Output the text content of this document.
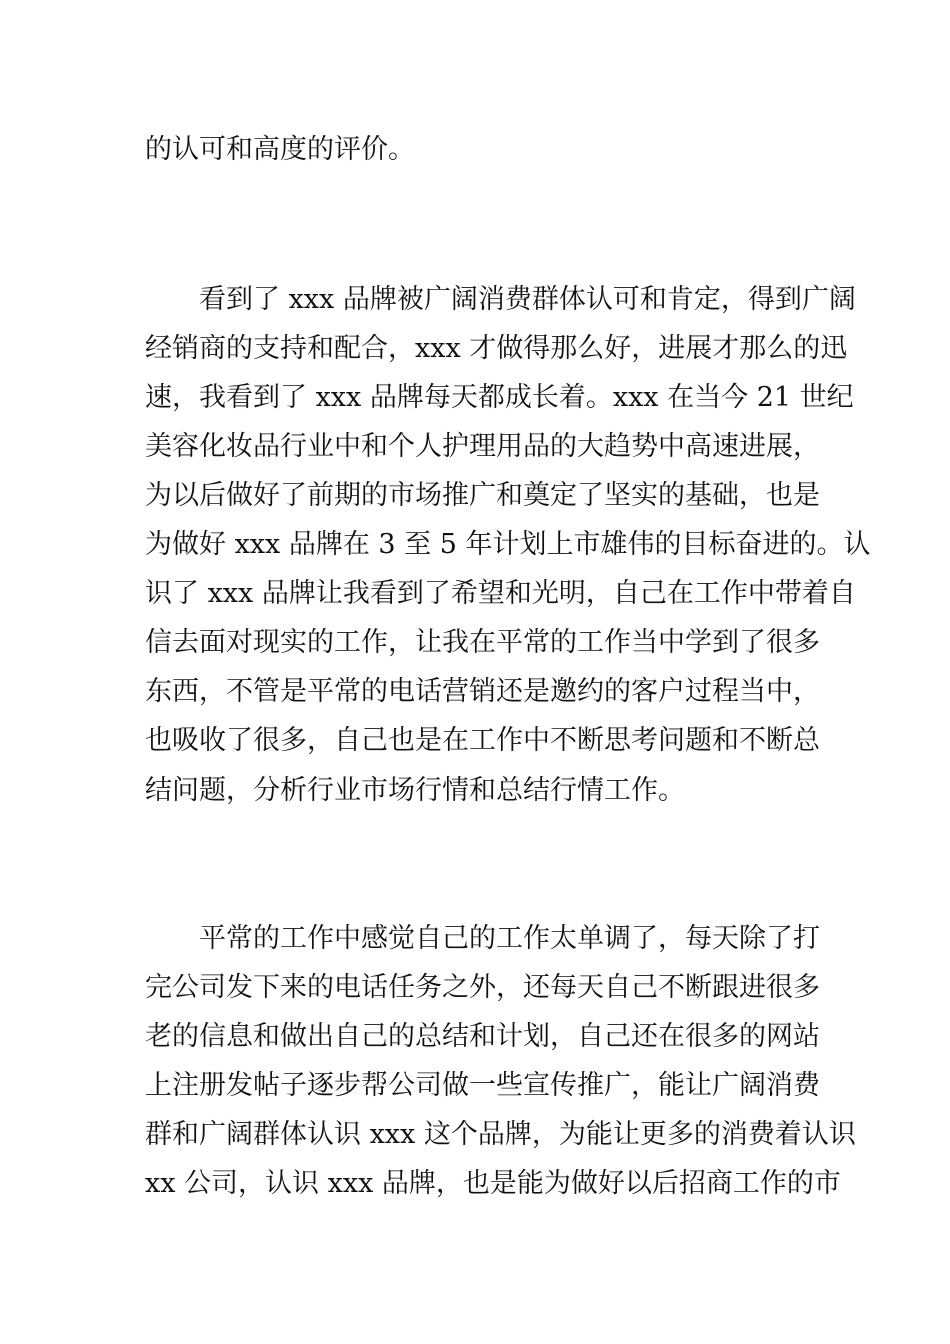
的认可和高度的评价。

看到了 xxx 品牌被广阔消费群体认可和肯定，得到广阔

经销商的支持和配合，xxx 才做得那么好，进展才那么的迅

速，我看到了 xxx 品牌每天都成长着。xxx 在当今 21 世纪

美容化妆品行业中和个人护理用品的大趋势中高速进展，

为以后做好了前期的市场推广和奠定了坚实的基础，也是

为做好 xxx 品牌在 3 至 5 年计划上市雄伟的目标奋进的。认

识了 xxx 品牌让我看到了希望和光明，自己在工作中带着自

信去面对现实的工作，让我在平常的工作当中学到了很多

东西，不管是平常的电话营销还是邀约的客户过程当中，

也吸收了很多，自己也是在工作中不断思考问题和不断总

结问题，分析行业市场行情和总结行情工作。

平常的工作中感觉自己的工作太单调了，每天除了打

完公司发下来的电话任务之外，还每天自己不断跟进很多

老的信息和做出自己的总结和计划，自己还在很多的网站

上注册发帖子逐步帮公司做一些宣传推广，能让广阔消费

群和广阔群体认识 xxx 这个品牌，为能让更多的消费着认识

xx 公司，认识 xxx 品牌，也是能为做好以后招商工作的市
